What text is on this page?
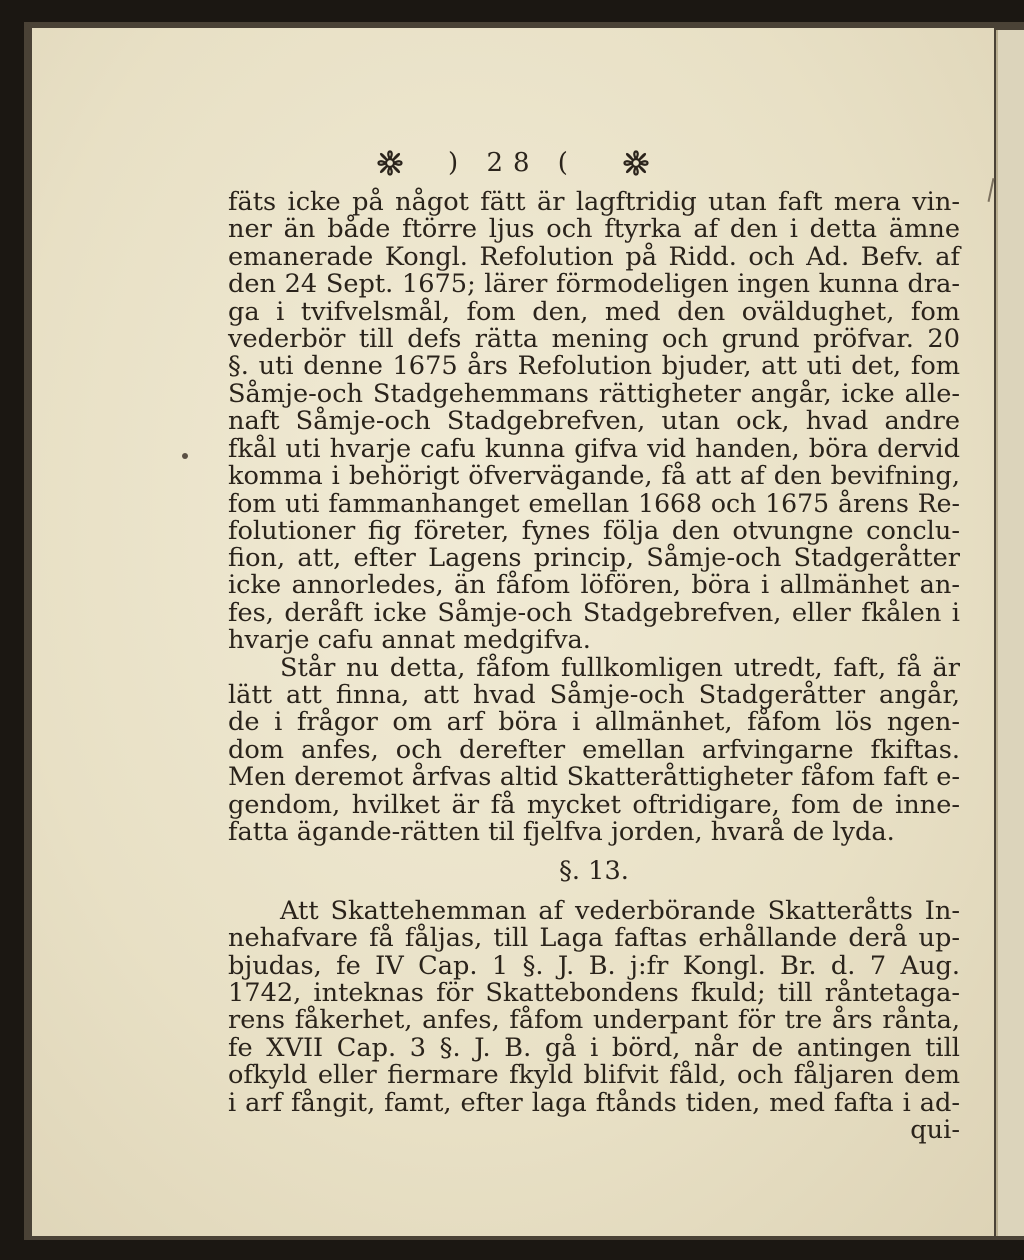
) 28 (
fäts icke på något fätt är lagftridig utan faft mera vin-
ner än både ftörre ljus och ftyrka af den i detta ämne
emanerade Kongl. Refolution på Ridd. och Ad. Befv. af
den 24 Sept. 1675; lärer förmodeligen ingen kunna dra-
ga i tvifvelsmål, fom den, med den oväldughet, fom
vederbör till defs rätta mening och grund pröfvar. 20
§. uti denne 1675 års Refolution bjuder, att uti det, fom
Såmje-och Stadgehemmans rättigheter angår, icke alle-
naft Såmje-och Stadgebrefven, utan ock, hvad andre
fkål uti hvarje cafu kunna gifva vid handen, böra dervid
komma i behörigt öfvervägande, få att af den bevifning,
fom uti fammanhanget emellan 1668 och 1675 årens Re-
folutioner fig företer, fynes följa den otvungne conclu-
fion, att, efter Lagens princip, Såmje-och Stadgeråtter
icke annorledes, än fåfom löfören, böra i allmänhet an-
fes, deråft icke Såmje-och Stadgebrefven, eller fkålen i
hvarje cafu annat medgifva.
Står nu detta, fåfom fullkomligen utredt, faft, få är
lätt att finna, att hvad Såmje-och Stadgeråtter angår,
de i frågor om arf böra i allmänhet, fåfom lös ngen-
dom anfes, och derefter emellan arfvingarne fkiftas.
Men deremot årfvas altid Skatteråttigheter fåfom faft e-
gendom, hvilket är få mycket oftridigare, fom de inne-
fatta ägande-rätten til fjelfva jorden, hvarå de lyda.
§. 13.
Att Skattehemman af vederbörande Skatteråtts In-
nehafvare få fåljas, till Laga faftas erhållande derå up-
bjudas, fe IV Cap. 1 §. J. B. j:fr Kongl. Br. d. 7 Aug.
1742, inteknas för Skattebondens fkuld; till råntetaga-
rens fåkerhet, anfes, fåfom underpant för tre års rånta,
fe XVII Cap. 3 §. J. B. gå i börd, når de antingen till
ofkyld eller fiermare fkyld blifvit fåld, och fåljaren dem
i arf fångit, famt, efter laga ftånds tiden, med fafta i ad-
qui-
